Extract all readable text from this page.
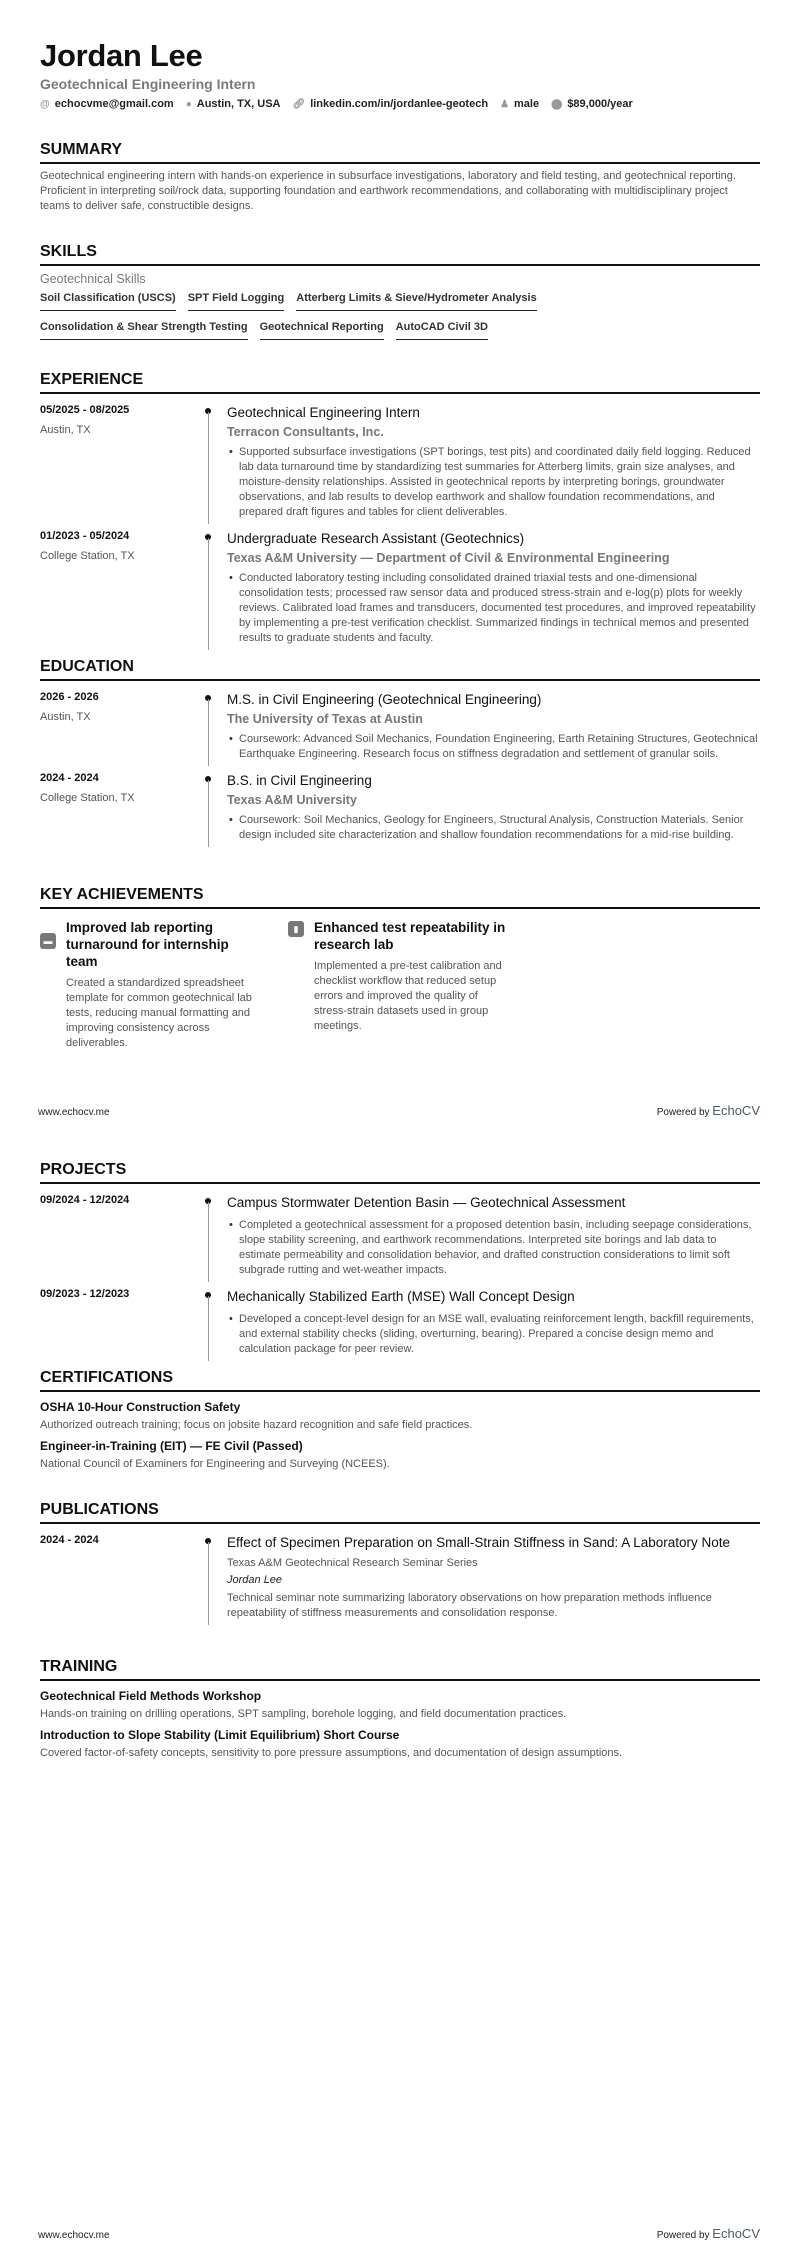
Jordan Lee
Geotechnical Engineering Intern
@ echocvme@gmail.com ● Austin, TX, USA 🔗︎ linkedin.com/in/jordanlee-geotech ♟ male ⬤ $89,000/year
SUMMARY
Geotechnical engineering intern with hands-on experience in subsurface investigations, laboratory and field testing, and geotechnical reporting. Proficient in interpreting soil/rock data, supporting foundation and earthwork recommendations, and collaborating with multidisciplinary project teams to deliver safe, constructible designs.
SKILLS
Geotechnical Skills
Soil Classification (USCS) SPT Field Logging Atterberg Limits & Sieve/Hydrometer Analysis
Consolidation & Shear Strength Testing Geotechnical Reporting AutoCAD Civil 3D
EXPERIENCE
05/2025 - 08/2025
Austin, TX
Geotechnical Engineering Intern
Terracon Consultants, Inc.
• Supported subsurface investigations (SPT borings, test pits) and coordinated daily field logging. Reduced lab data turnaround time by standardizing test summaries for Atterberg limits, grain size analyses, and moisture-density relationships. Assisted in geotechnical reports by interpreting borings, groundwater observations, and lab results to develop earthwork and shallow foundation recommendations, and prepared draft figures and tables for client deliverables.
01/2023 - 05/2024
College Station, TX
Undergraduate Research Assistant (Geotechnics)
Texas A&M University — Department of Civil & Environmental Engineering
• Conducted laboratory testing including consolidated drained triaxial tests and one-dimensional consolidation tests; processed raw sensor data and produced stress-strain and e-log(p) plots for weekly reviews. Calibrated load frames and transducers, documented test procedures, and improved repeatability by implementing a pre-test verification checklist. Summarized findings in technical memos and presented results to graduate students and faculty.
EDUCATION
2026 - 2026
Austin, TX
M.S. in Civil Engineering (Geotechnical Engineering)
The University of Texas at Austin
• Coursework: Advanced Soil Mechanics, Foundation Engineering, Earth Retaining Structures, Geotechnical Earthquake Engineering. Research focus on stiffness degradation and settlement of granular soils.
2024 - 2024
College Station, TX
B.S. in Civil Engineering
Texas A&M University
• Coursework: Soil Mechanics, Geology for Engineers, Structural Analysis, Construction Materials. Senior design included site characterization and shallow foundation recommendations for a mid-rise building.
KEY ACHIEVEMENTS
▬
Improved lab reporting turnaround for internship team
Created a standardized spreadsheet template for common geotechnical lab tests, reducing manual formatting and improving consistency across deliverables.
▮	Enhanced test repeatability in research lab
Implemented a pre-test calibration and checklist workflow that reduced setup errors and improved the quality of stress-strain datasets used in group meetings.
www.echocv.me	Powered by EchoCV
PROJECTS
09/2024 - 12/2024	Campus Stormwater Detention Basin — Geotechnical Assessment
• Completed a geotechnical assessment for a proposed detention basin, including seepage considerations, slope stability screening, and earthwork recommendations. Interpreted site borings and lab data to estimate permeability and consolidation behavior, and drafted construction considerations to limit soft subgrade rutting and wet-weather impacts.
09/2023 - 12/2023	Mechanically Stabilized Earth (MSE) Wall Concept Design
• Developed a concept-level design for an MSE wall, evaluating reinforcement length, backfill requirements, and external stability checks (sliding, overturning, bearing). Prepared a concise design memo and calculation package for peer review.
CERTIFICATIONS
OSHA 10-Hour Construction Safety
Authorized outreach training; focus on jobsite hazard recognition and safe field practices.
Engineer-in-Training (EIT) — FE Civil (Passed)
National Council of Examiners for Engineering and Surveying (NCEES).
PUBLICATIONS
2024 - 2024	Effect of Specimen Preparation on Small-Strain Stiffness in Sand: A Laboratory Note
Texas A&M Geotechnical Research Seminar Series
Jordan Lee
Technical seminar note summarizing laboratory observations on how preparation methods influence repeatability of stiffness measurements and consolidation response.
TRAINING
Geotechnical Field Methods Workshop
Hands-on training on drilling operations, SPT sampling, borehole logging, and field documentation practices.
Introduction to Slope Stability (Limit Equilibrium) Short Course
Covered factor-of-safety concepts, sensitivity to pore pressure assumptions, and documentation of design assumptions.
www.echocv.me	Powered by EchoCV
